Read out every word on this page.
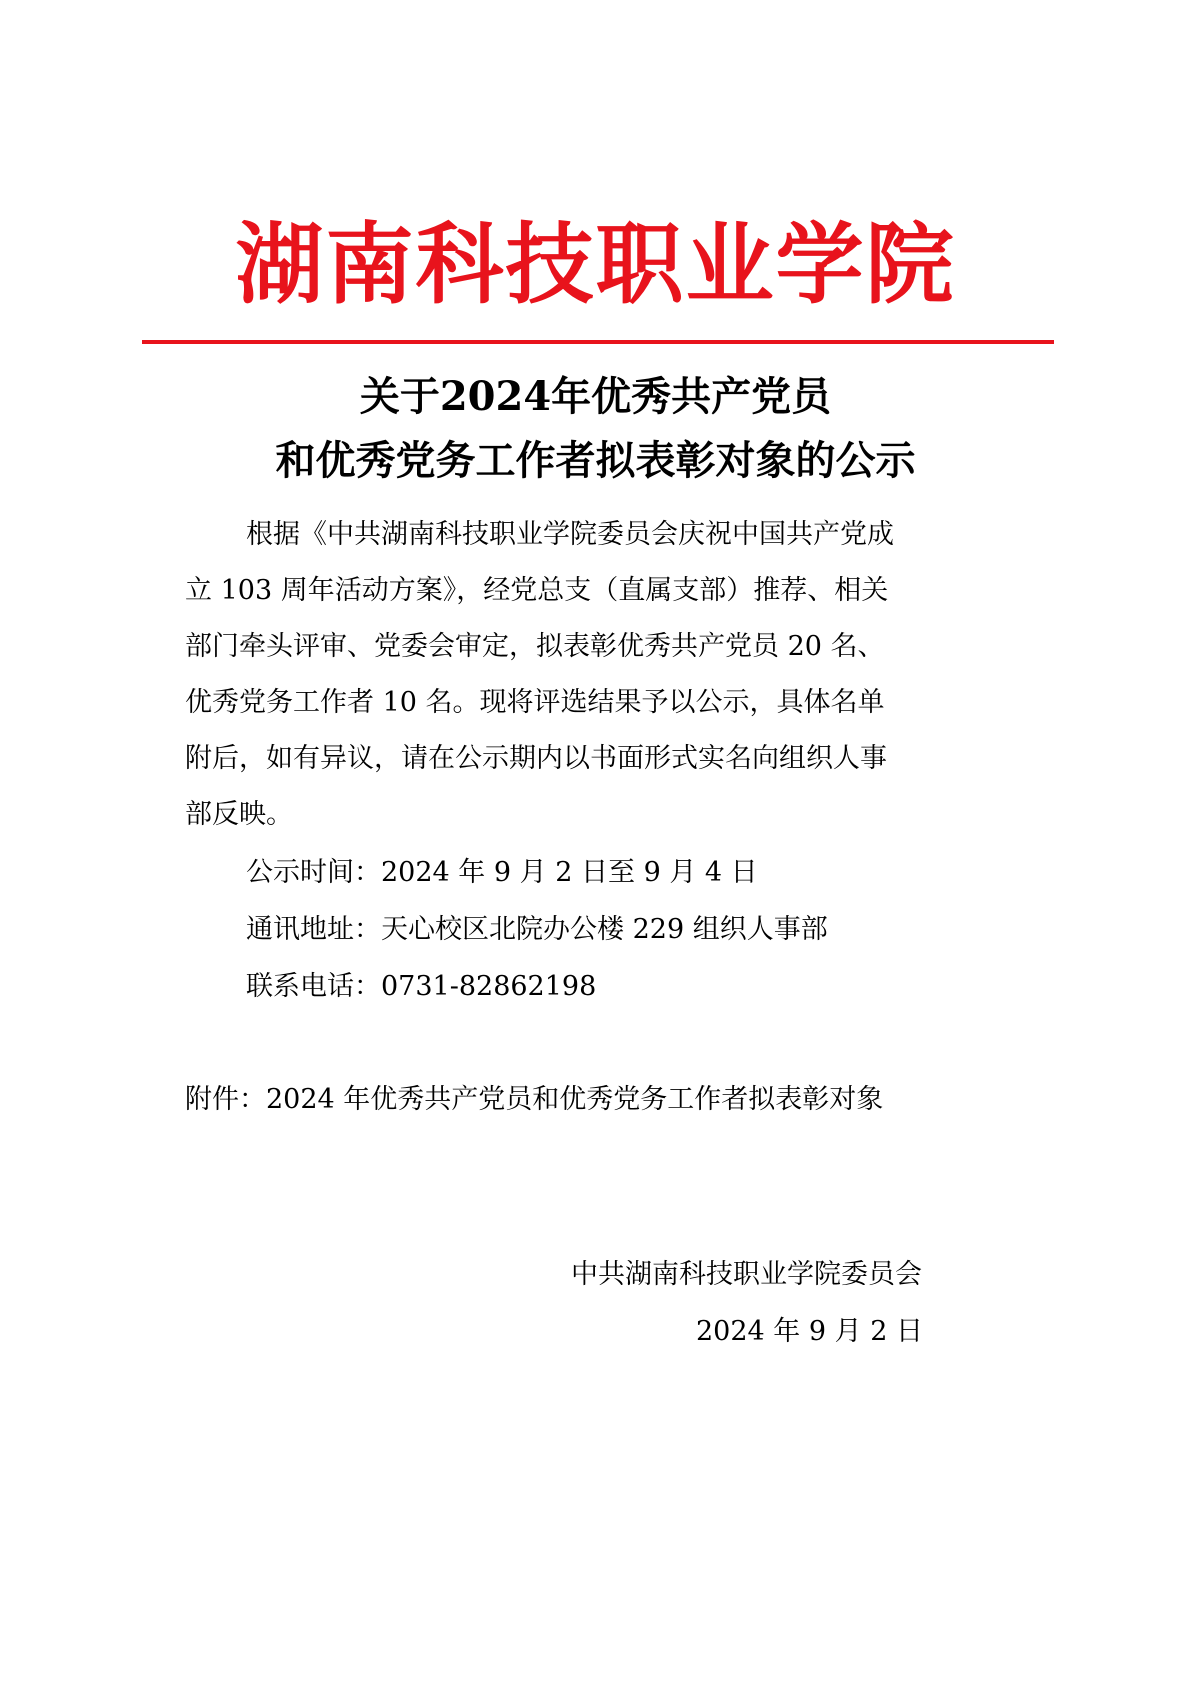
湖南科技职业学院
关于2024年优秀共产党员
和优秀党务工作者拟表彰对象的公示
根据《中共湖南科技职业学院委员会庆祝中国共产党成
立 103 周年活动方案》，经党总支（直属支部）推荐、相关
部门牵头评审、党委会审定，拟表彰优秀共产党员 20 名、
优秀党务工作者 10 名。现将评选结果予以公示，具体名单
附后，如有异议，请在公示期内以书面形式实名向组织人事
部反映。
公示时间：2024 年 9 月 2 日至 9 月 4 日
通讯地址：天心校区北院办公楼 229 组织人事部
联系电话：0731-82862198
附件：2024 年优秀共产党员和优秀党务工作者拟表彰对象
中共湖南科技职业学院委员会
2024 年 9 月 2 日
